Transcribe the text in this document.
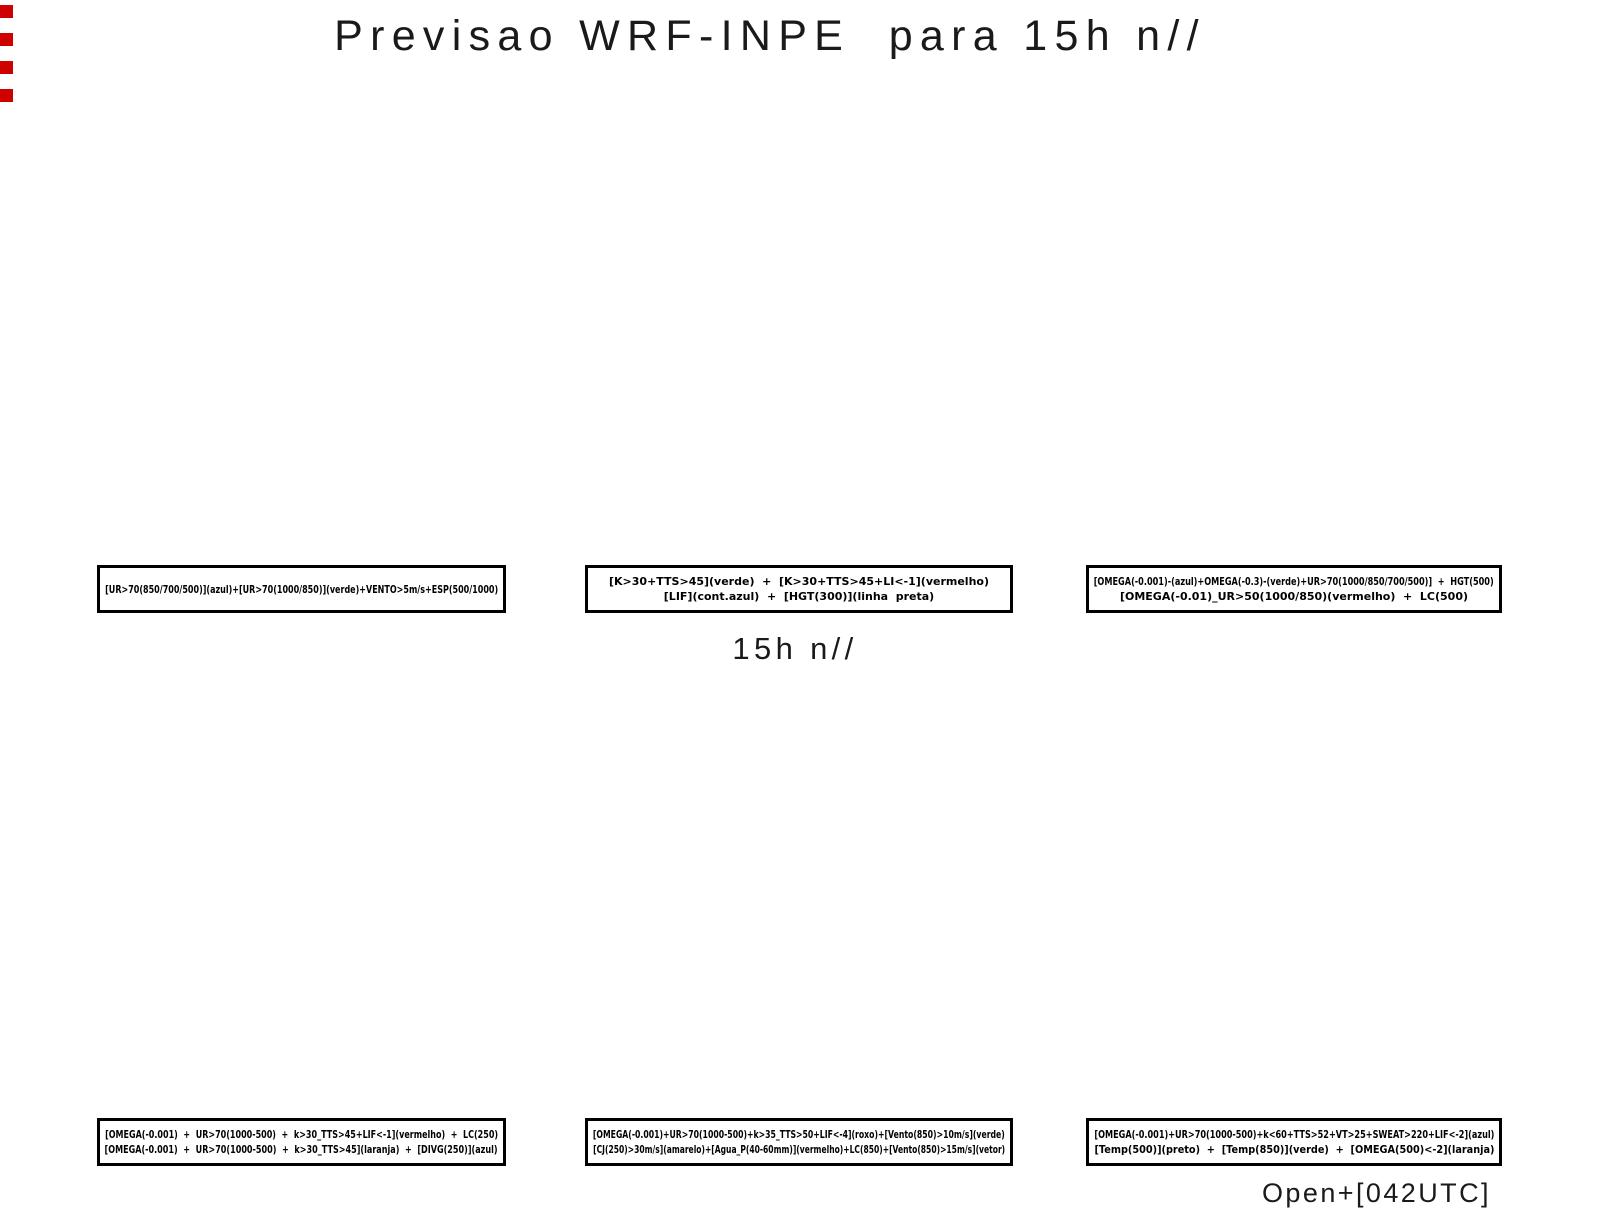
Previsao WRF-INPE  para 15h n//
[UR>70(850/700/500)](azul)+[UR>70(1000/850)](verde)+VENTO>5m/s+ESP(500/1000)
[K>30+TTS>45](verde)  +  [K>30+TTS>45+LI<-1](vermelho)
[LIF](cont.azul)  +  [HGT(300)](linha  preta)
[OMEGA(-0.001)-(azul)+OMEGA(-0.3)-(verde)+UR>70(1000/850/700/500)]  +  HGT(500)
[OMEGA(-0.01)_UR>50(1000/850)(vermelho)  +  LC(500)
15h n//
[OMEGA(-0.001)  +  UR>70(1000-500)  +  k>30_TTS>45+LIF<-1](vermelho)  +  LC(250)
[OMEGA(-0.001)  +  UR>70(1000-500)  +  k>30_TTS>45](laranja)  +  [DIVG(250)](azul)
[OMEGA(-0.001)+UR>70(1000-500)+k>35_TTS>50+LIF<-4](roxo)+[Vento(850)>10m/s](verde)
[CJ(250)>30m/s](amarelo)+[Agua_P(40-60mm)](vermelho)+LC(850)+[Vento(850)>15m/s](vetor)
[OMEGA(-0.001)+UR>70(1000-500)+k<60+TTS>52+VT>25+SWEAT>220+LIF<-2](azul)
[Temp(500)](preto)  +  [Temp(850)](verde)  +  [OMEGA(500)<-2](laranja)
Open+[042UTC]
